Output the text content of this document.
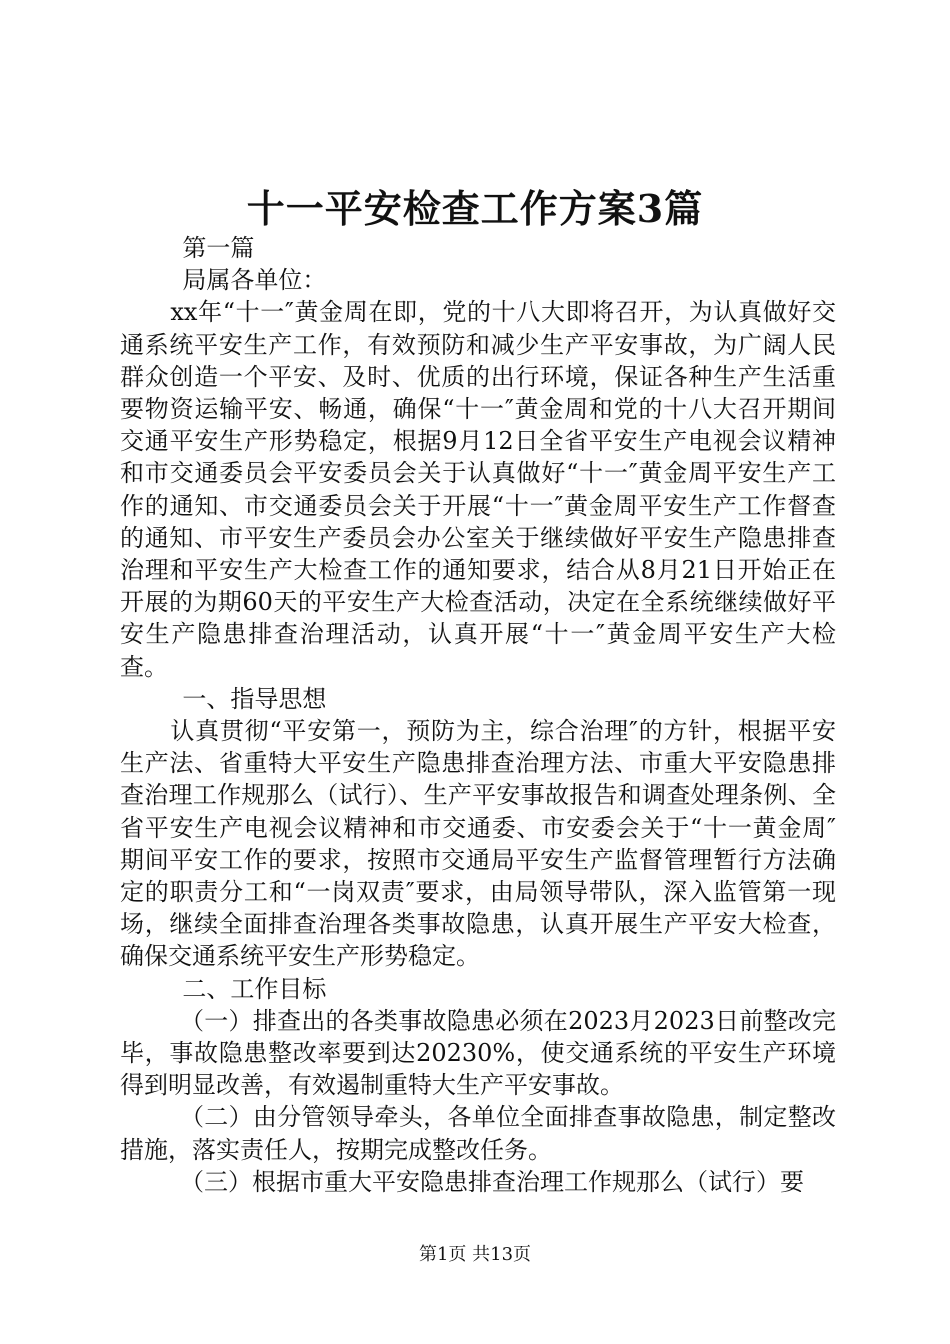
十一平安检查工作方案3篇

第一篇

局属各单位：

xx年“十一″黄金周在即，党的十八大即将召开，为认真做好交通系统平安生产工作，有效预防和减少生产平安事故，为广阔人民群众创造一个平安、及时、优质的出行环境，保证各种生产生活重要物资运输平安、畅通，确保“十一″黄金周和党的十八大召开期间交通平安生产形势稳定，根据9月12日全省平安生产电视会议精神和市交通委员会平安委员会关于认真做好“十一″黄金周平安生产工作的通知、市交通委员会关于开展“十一″黄金周平安生产工作督查的通知、市平安生产委员会办公室关于继续做好平安生产隐患排查治理和平安生产大检查工作的通知要求，结合从8月21日开始正在开展的为期60天的平安生产大检查活动，决定在全系统继续做好平安生产隐患排查治理活动，认真开展“十一″黄金周平安生产大检查。

一、指导思想

认真贯彻“平安第一，预防为主，综合治理″的方针，根据平安生产法、省重特大平安生产隐患排查治理方法、市重大平安隐患排查治理工作规那么（试行）、生产平安事故报告和调查处理条例、全省平安生产电视会议精神和市交通委、市安委会关于“十一黄金周″期间平安工作的要求，按照市交通局平安生产监督管理暂行方法确定的职责分工和“一岗双责″要求，由局领导带队，深入监管第一现场，继续全面排查治理各类事故隐患，认真开展生产平安大检查，确保交通系统平安生产形势稳定。

二、工作目标

（一）排查出的各类事故隐患必须在2023月2023日前整改完毕，事故隐患整改率要到达20230%，使交通系统的平安生产环境得到明显改善，有效遏制重特大生产平安事故。

（二）由分管领导牵头，各单位全面排查事故隐患，制定整改措施，落实责任人，按期完成整改任务。

（三）根据市重大平安隐患排查治理工作规那么（试行）要

第1页 共13页
